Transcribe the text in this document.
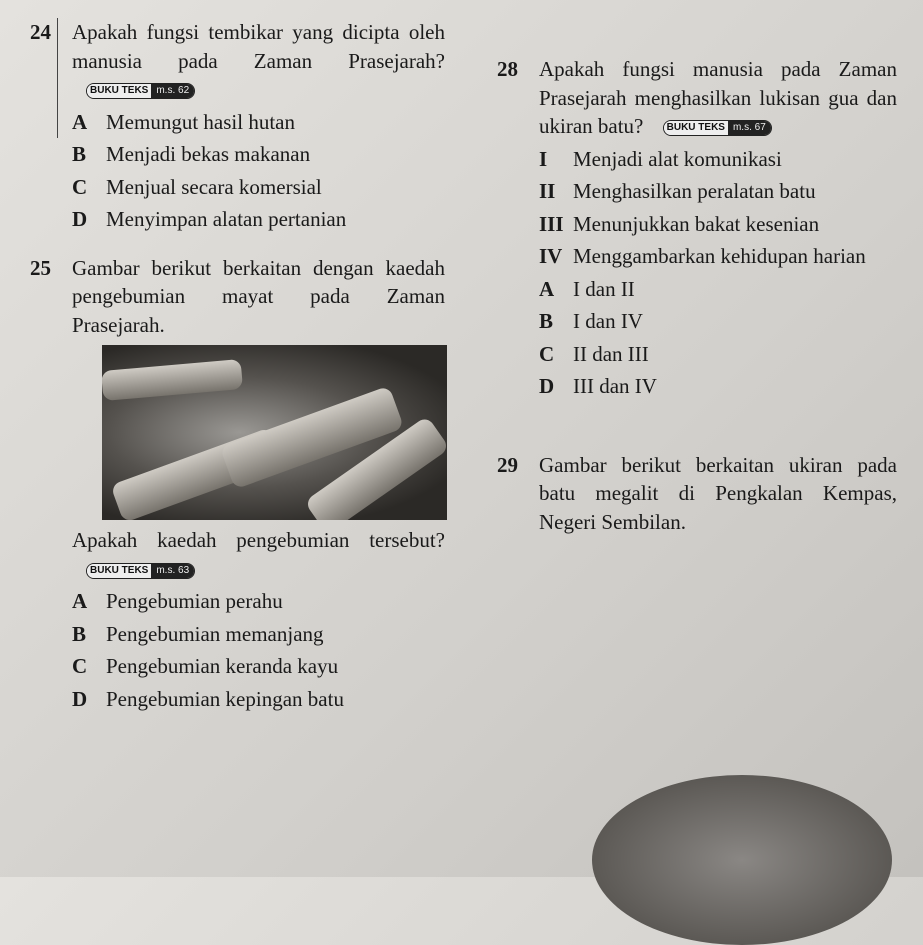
24	Apakah fungsi tembikar yang dicipta oleh manusia pada Zaman Prasejarah?
BUKU TEKS m.s. 62
A Memungut hasil hutan
B Menjadi bekas makanan
C Menjual secara komersial
D Menyimpan alatan pertanian
25	Gambar berikut berkaitan dengan kaedah pengebumian mayat pada Zaman Prasejarah.
Apakah kaedah pengebumian tersebut?
BUKU TEKS m.s. 63
A Pengebumian perahu
B Pengebumian memanjang
C Pengebumian keranda kayu
D Pengebumian kepingan batu
28	Apakah fungsi manusia pada Zaman Prasejarah menghasilkan lukisan gua dan ukiran batu?	BUKU TEKS m.s. 67
I	Menjadi alat komunikasi
II Menghasilkan peralatan batu
III Menunjukkan bakat kesenian
IV Menggambarkan kehidupan harian
A I dan II
B I dan IV
C II dan III
D III dan IV
29	Gambar berikut berkaitan ukiran pada batu megalit di Pengkalan Kempas, Negeri Sembilan.
